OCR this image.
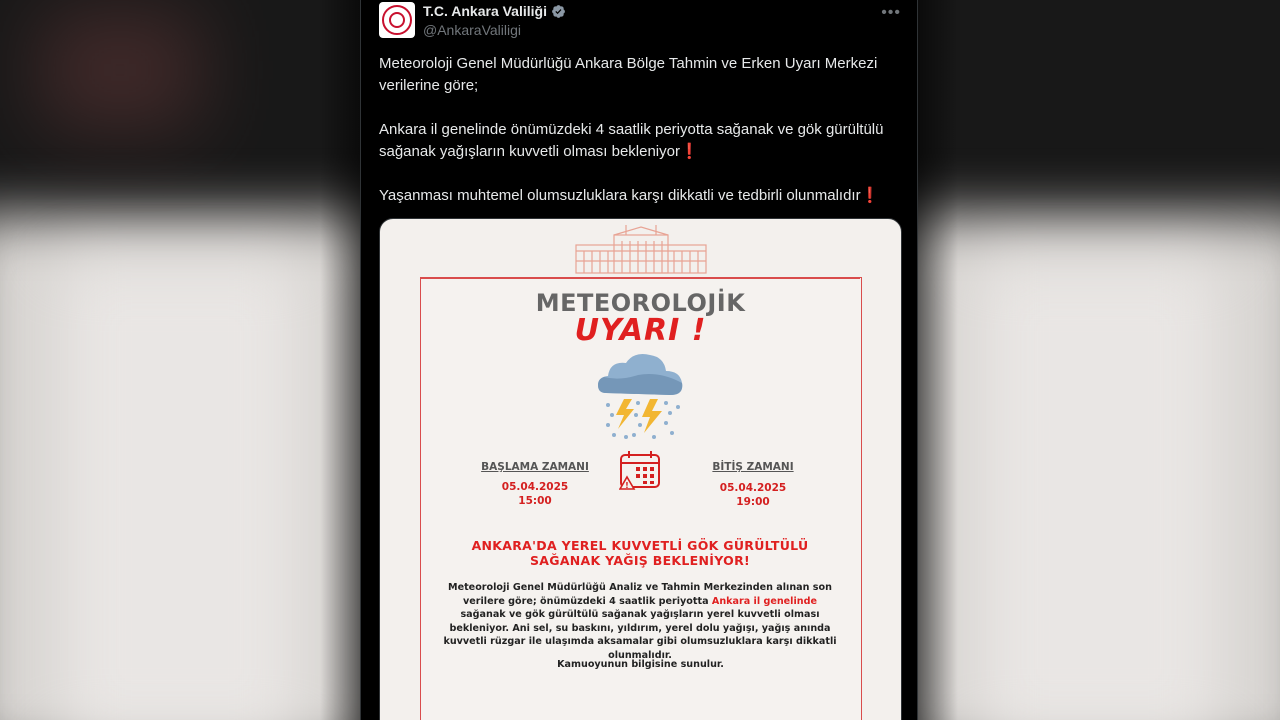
T.C. Ankara Valiliği
@AnkaraValiligi
•••

Meteoroloji Genel Müdürlüğü Ankara Bölge Tahmin ve Erken Uyarı Merkezi verilerine göre;

Ankara il genelinde önümüzdeki 4 saatlik periyotta sağanak ve gök gürültülü sağanak yağışların kuvvetli olması bekleniyor❗

Yaşanması muhtemel olumsuzluklara karşı dikkatli ve tedbirli olunmalıdır❗

METEOROLOJİK
UYARI !
BAŞLAMA ZAMANI
05.04.2025
15:00
!
BİTİŞ ZAMANI
05.04.2025
19:00
ANKARA'DA YEREL KUVVETLİ GÖK GÜRÜLTÜLÜ
SAĞANAK YAĞIŞ BEKLENİYOR!
Meteoroloji Genel Müdürlüğü Analiz ve Tahmin Merkezinden alınan son verilere göre; önümüzdeki 4 saatlik periyotta Ankara il genelinde sağanak ve gök gürültülü sağanak yağışların yerel kuvvetli olması bekleniyor. Ani sel, su baskını, yıldırım, yerel dolu yağışı, yağış anında kuvvetli rüzgar ile ulaşımda aksamalar gibi olumsuzluklara karşı dikkatli olunmalıdır.
Kamuoyunun bilgisine sunulur.
